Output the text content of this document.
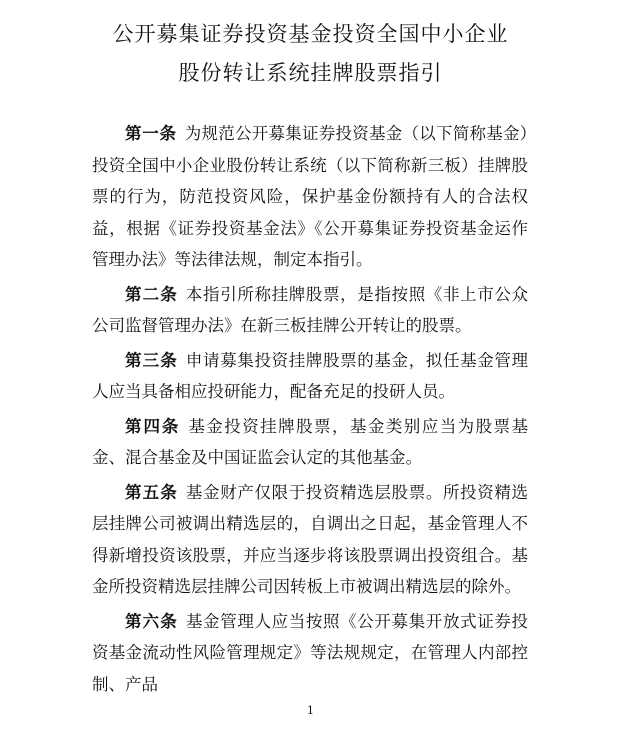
公开募集证券投资基金投资全国中小企业
股份转让系统挂牌股票指引

第一条 为规范公开募集证券投资基金（以下简称基金）投资全国中小企业股份转让系统（以下简称新三板）挂牌股票的行为，防范投资风险，保护基金份额持有人的合法权益，根据《证券投资基金法》《公开募集证券投资基金运作管理办法》等法律法规，制定本指引。

第二条 本指引所称挂牌股票，是指按照《非上市公众公司监督管理办法》在新三板挂牌公开转让的股票。

第三条 申请募集投资挂牌股票的基金，拟任基金管理人应当具备相应投研能力，配备充足的投研人员。

第四条 基金投资挂牌股票，基金类别应当为股票基金、混合基金及中国证监会认定的其他基金。

第五条 基金财产仅限于投资精选层股票。所投资精选层挂牌公司被调出精选层的，自调出之日起，基金管理人不得新增投资该股票，并应当逐步将该股票调出投资组合。基金所投资精选层挂牌公司因转板上市被调出精选层的除外。

第六条 基金管理人应当按照《公开募集开放式证券投资基金流动性风险管理规定》等法规规定，在管理人内部控制、产品

1
